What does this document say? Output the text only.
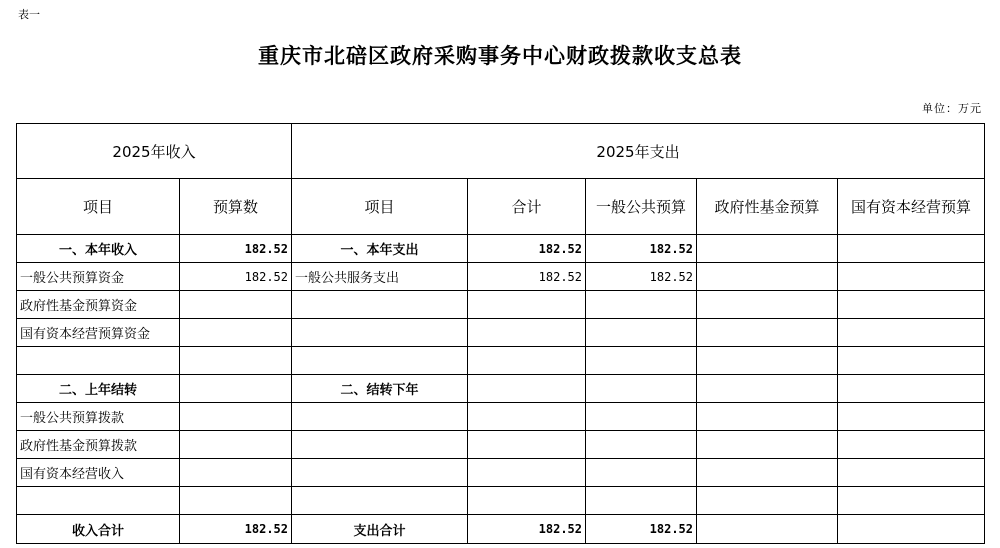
表一
重庆市北碚区政府采购事务中心财政拨款收支总表
单位：万元
2025年收入		2025年支出				
项目	预算数	项目	合计	一般公共预算	政府性基金预算	国有资本经营预算
一、本年收入	182.52	一、本年支出	182.52	182.52		
一般公共预算资金	182.52	一般公共服务支出	182.52	182.52		
政府性基金预算资金						
国有资本经营预算资金						

二、上年结转		二、结转下年				
一般公共预算拨款						
政府性基金预算拨款						
国有资本经营收入						

收入合计	182.52	支出合计	182.52	182.52		
